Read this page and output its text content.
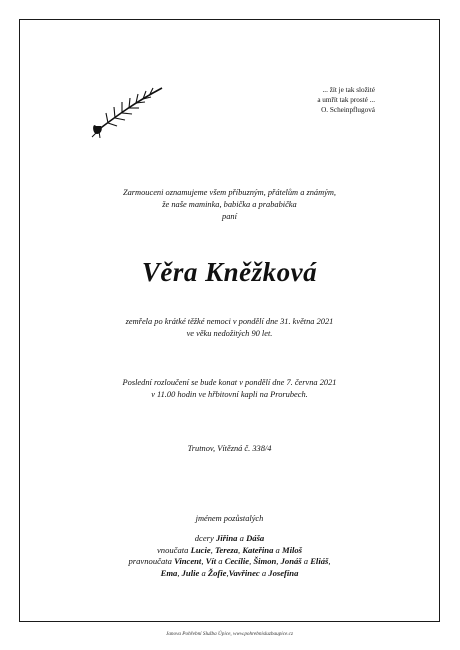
... žít je tak složité
a umřít tak prosté ...
O. Scheinpflugová
Zarmouceni oznamujeme všem příbuzným, přátelům a známým,
že naše maminka, babička a prababička
paní
Věra Kněžková
zemřela po krátké těžké nemoci v pondělí dne 31. května 2021
ve věku nedožitých 90 let.
Poslední rozloučení se bude konat v pondělí dne 7. června 2021
v 11.00 hodin ve hřbitovní kapli na Prorubech.
Trutnov, Vítězná č. 338/4
jménem pozůstalých
dcery Jiřina a Dáša
vnoučata Lucie, Tereza, Kateřina a Miloš
pravnoučata Vincent, Vít a Cecílie, Šimon, Jonáš a Eliáš,
Ema, Julie a Žofie,Vavřinec a Josefína
Janova Pohřební Služba Úpice, www.pohrebnisluzbaupice.cz
